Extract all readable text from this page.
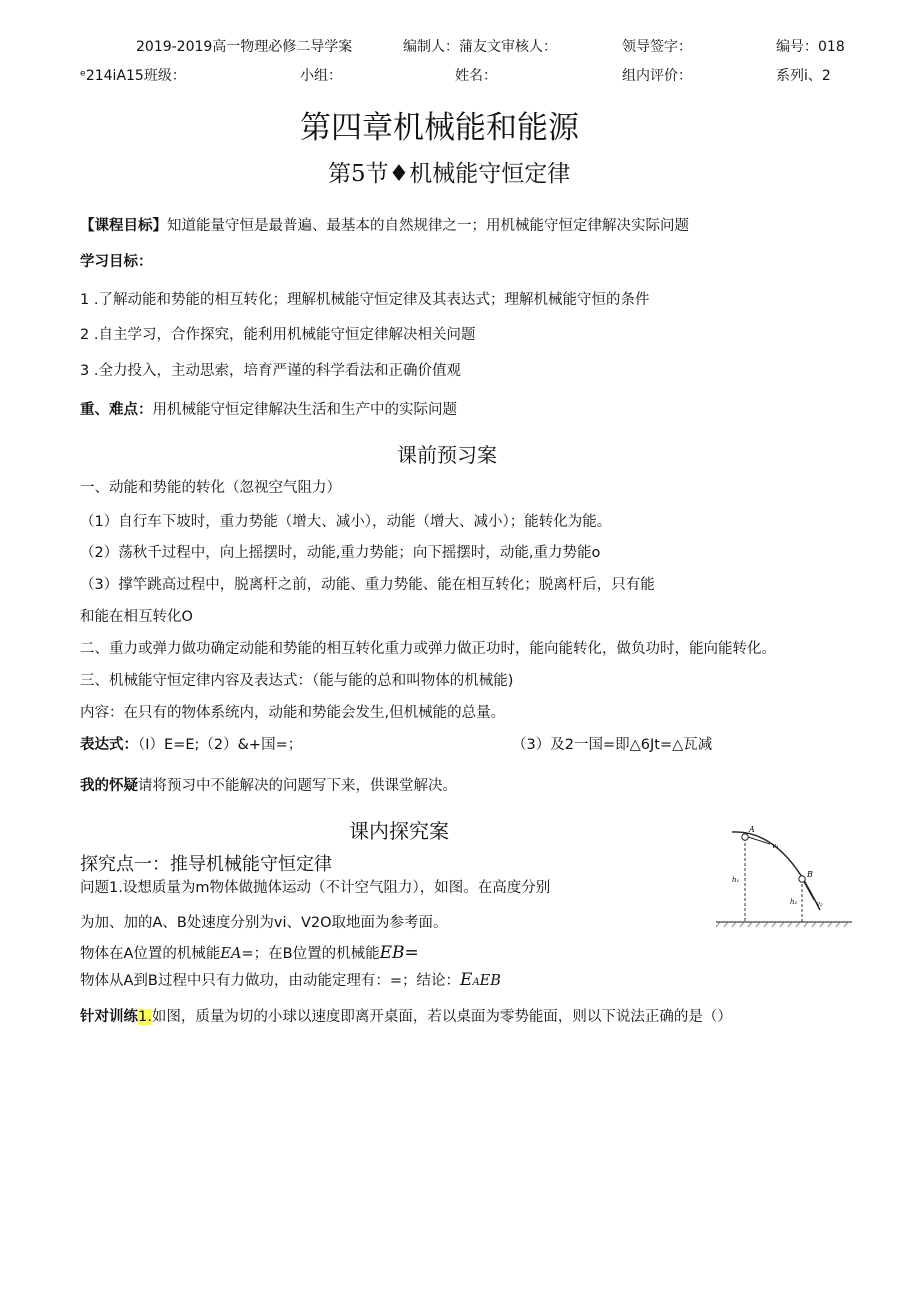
2019-2019高一物理必修二导学案	编制人：蒲友文审核人：	领导签字：	编号：018
ᵉ214iA15班级：	小组：	姓名：	组内评价：	系列i、2
第四章机械能和能源
第5节♦机械能守恒定律
【课程目标】知道能量守恒是最普遍、最基本的自然规律之一；用机械能守恒定律解决实际问题
学习目标：
1 .了解动能和势能的相互转化；理解机械能守恒定律及其表达式；理解机械能守恒的条件
2 .自主学习，合作探究，能利用机械能守恒定律解决相关问题
3 .全力投入，主动思索，培育严谨的科学看法和正确价值观
重、难点：用机械能守恒定律解决生活和生产中的实际问题
课前预习案
一、动能和势能的转化（忽视空气阻力）
（1）自行车下坡时，重力势能（增大、减小），动能（增大、减小）；能转化为能。
（2）荡秋千过程中，向上摇摆时，动能,重力势能；向下摇摆时，动能,重力势能o
（3）撑竿跳高过程中，脱离杆之前，动能、重力势能、能在相互转化；脱离杆后，只有能
和能在相互转化O
二、重力或弹力做功确定动能和势能的相互转化重力或弹力做正功时，能向能转化，做负功时，能向能转化。
三、机械能守恒定律内容及表达式：（能与能的总和叫物体的机械能)
内容：在只有的物体系统内，动能和势能会发生,但机械能的总量。
表达式：（I）E=E;（2）&+国=；	（3）及2一国=即△6Jt=△瓦减
我的怀疑请将预习中不能解决的问题写下来，供课堂解决。
课内探究案
探究点一：推导机械能守恒定律
问题1.设想质量为m物体做抛体运动（不计空气阻力），如图。在高度分别
为加、加的A、B处速度分别为vi、V2O取地面为参考面。
物体在A位置的机械能EA=；在B位置的机械能EB=
物体从A到B过程中只有力做功，由动能定理有：=；结论：EAEB
针对训练1.如图，质量为切的小球以速度即离开桌面，若以桌面为零势能面，则以下说法正确的是（）
A
B
v₁
v₂
h₁
h₂
